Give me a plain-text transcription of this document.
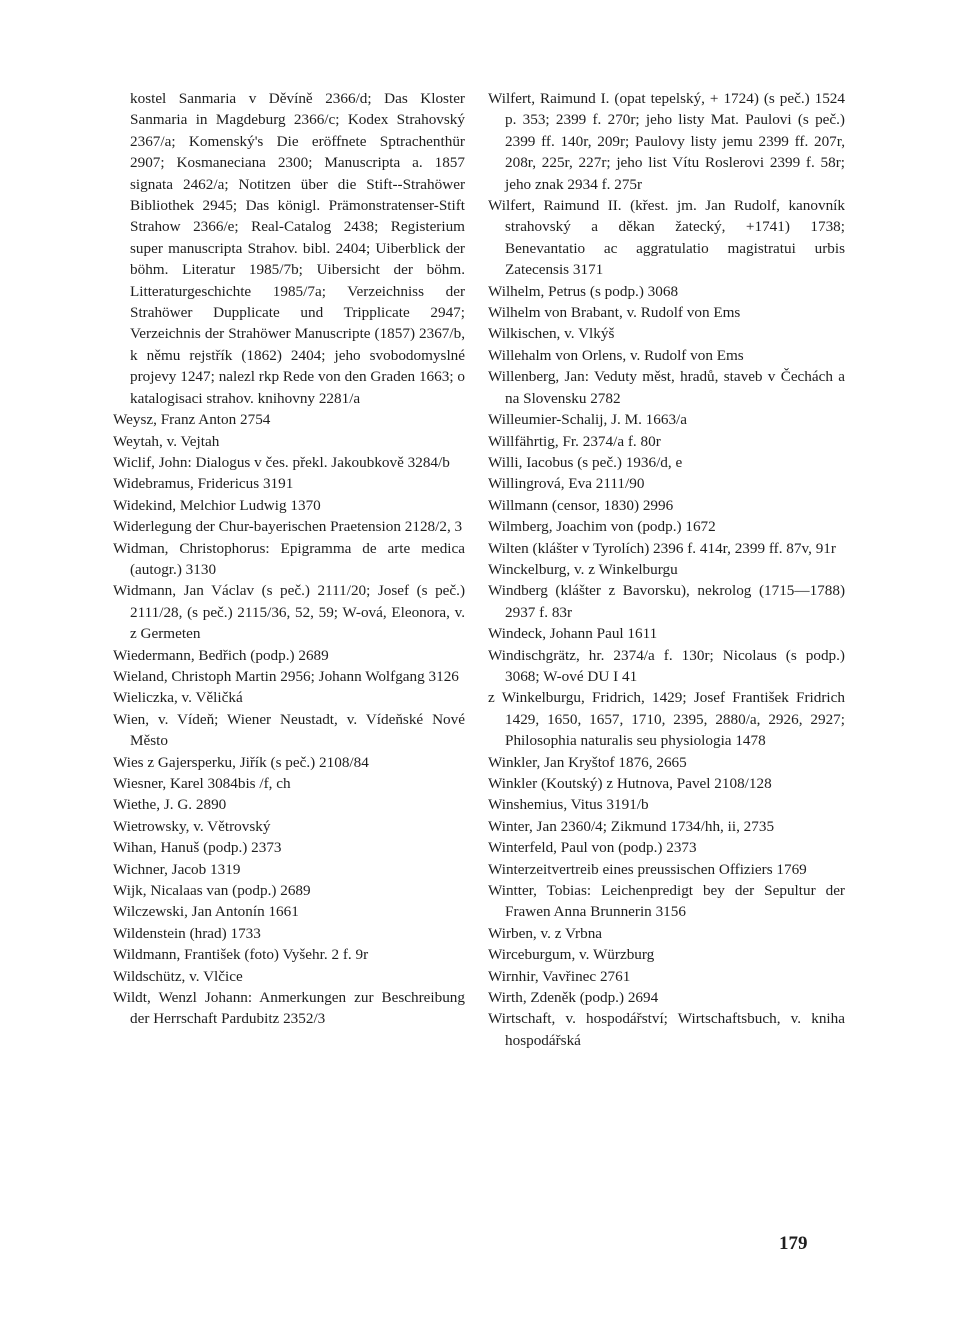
kostel Sanmaria v Děvíně 2366/d; Das Kloster Sanmaria in Magdeburg 2366/c; Kodex Strahovský 2367/a; Komenský's Die eröffnete Sptrachenthür 2907; Kosmaneciana 2300; Manuscripta a. 1857 signata 2462/a; Notitzen über die Stift--Strahöwer Bibliothek 2945; Das königl. Prämonstratenser-Stift Strahow 2366/e; Real-Catalog 2438; Registerium super manuscripta Strahov. bibl. 2404; Uiberblick der böhm. Literatur 1985/7b; Uibersicht der böhm. Litteraturgeschichte 1985/7a; Verzeichniss der Strahöwer Dupplicate und Tripplicate 2947; Verzeichnis der Strahöwer Manuscripte (1857) 2367/b, k němu rejstřík (1862) 2404; jeho svobodomyslné projevy 1247; nalezl rkp Rede von den Graden 1663; o katalogisaci strahov. knihovny 2281/a

Weysz, Franz Anton 2754

Weytah, v. Vejtah

Wiclif, John: Dialogus v čes. překl. Jakoubkově 3284/b

Widebramus, Fridericus 3191

Widekind, Melchior Ludwig 1370

Widerlegung der Chur-bayerischen Praetension 2128/2, 3

Widman, Christophorus: Epigramma de arte medica (autogr.) 3130

Widmann, Jan Václav (s peč.) 2111/20; Josef (s peč.) 2111/28, (s peč.) 2115/36, 52, 59; W-ová, Eleonora, v. z Germeten

Wiedermann, Bedřich (podp.) 2689

Wieland, Christoph Martin 2956; Johann Wolfgang 3126

Wieliczka, v. Věličká

Wien, v. Vídeň; Wiener Neustadt, v. Vídeňské Nové Město

Wies z Gajersperku, Jiřík (s peč.) 2108/84

Wiesner, Karel 3084bis /f, ch

Wiethe, J. G. 2890

Wietrowsky, v. Větrovský

Wihan, Hanuš (podp.) 2373

Wichner, Jacob 1319

Wijk, Nicalaas van (podp.) 2689

Wilczewski, Jan Antonín 1661

Wildenstein (hrad) 1733

Wildmann, František (foto) Vyšehr. 2 f. 9r

Wildschütz, v. Vlčice

Wildt, Wenzl Johann: Anmerkungen zur Beschreibung der Herrschaft Pardubitz 2352/3

Wilfert, Raimund I. (opat tepelský, + 1724) (s peč.) 1524 p. 353; 2399 f. 270r; jeho listy Mat. Paulovi (s peč.) 2399 ff. 140r, 209r; Paulovy listy jemu 2399 ff. 207r, 208r, 225r, 227r; jeho list Vítu Roslerovi 2399 f. 58r; jeho znak 2934 f. 275r

Wilfert, Raimund II. (křest. jm. Jan Rudolf, kanovník strahovský a děkan žatecký, +1741) 1738; Benevantatio ac aggratulatio magistratui urbis Zatecensis 3171

Wilhelm, Petrus (s podp.) 3068

Wilhelm von Brabant, v. Rudolf von Ems

Wilkischen, v. Vlkýš

Willehalm von Orlens, v. Rudolf von Ems

Willenberg, Jan: Veduty měst, hradů, staveb v Čechách a na Slovensku 2782

Willeumier-Schalij, J. M. 1663/a

Willfährtig, Fr. 2374/a f. 80r

Willi, Iacobus (s peč.) 1936/d, e

Willingrová, Eva 2111/90

Willmann (censor, 1830) 2996

Wilmberg, Joachim von (podp.) 1672

Wilten (klášter v Tyrolích) 2396 f. 414r, 2399 ff. 87v, 91r

Winckelburg, v. z Winkelburgu

Windberg (klášter z Bavorsku), nekrolog (1715—1788) 2937 f. 83r

Windeck, Johann Paul 1611

Windischgrätz, hr. 2374/a f. 130r; Nicolaus (s podp.) 3068; W-ové DU I 41

z Winkelburgu, Fridrich, 1429; Josef František Fridrich 1429, 1650, 1657, 1710, 2395, 2880/a, 2926, 2927; Philosophia naturalis seu physiologia 1478

Winkler, Jan Kryštof 1876, 2665

Winkler (Koutský) z Hutnova, Pavel 2108/128

Winshemius, Vitus 3191/b

Winter, Jan 2360/4; Zikmund 1734/hh, ii, 2735

Winterfeld, Paul von (podp.) 2373

Winterzeitvertreib eines preussischen Offiziers 1769

Wintter, Tobias: Leichenpredigt bey der Sepultur der Frawen Anna Brunnerin 3156

Wirben, v. z Vrbna

Wirceburgum, v. Würzburg

Wirnhir, Vavřinec 2761

Wirth, Zdeněk (podp.) 2694

Wirtschaft, v. hospodářství; Wirtschaftsbuch, v. kniha hospodářská

179
